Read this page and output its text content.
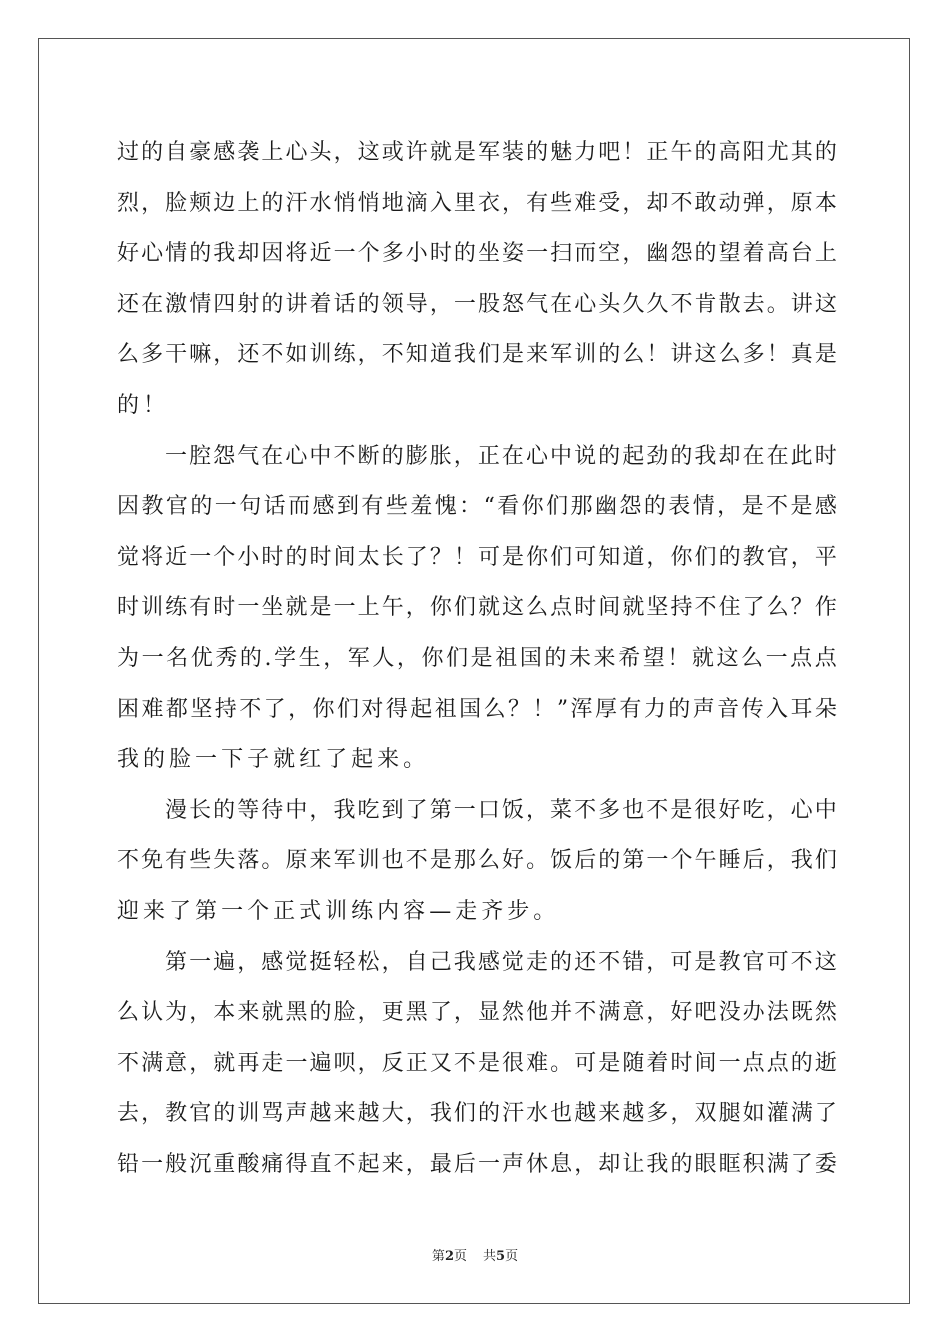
过 的 自 豪 感 袭 上 心 头 ， 这 或 许 就 是 军 装 的 魅 力 吧 ！ 正 午 的 高 阳 尤 其 的
烈 ， 脸 颊 边 上 的 汗 水 悄 悄 地 滴 入 里 衣 ， 有 些 难 受 ， 却 不 敢 动 弹 ， 原 本
好 心 情 的 我 却 因 将 近 一 个 多 小 时 的 坐 姿 一 扫 而 空 ， 幽 怨 的 望 着 高 台 上
还 在 激 情 四 射 的 讲 着 话 的 领 导 ， 一 股 怒 气 在 心 头 久 久 不 肯 散 去 。 讲 这
么 多 干 嘛 ， 还 不 如 训 练 ， 不 知 道 我 们 是 来 军 训 的 么 ！ 讲 这 么 多 ！ 真 是
的 ！
一 腔 怨 气 在 心 中 不 断 的 膨 胀 ， 正 在 心 中 说 的 起 劲 的 我 却 在 在 此 时
因 教 官 的 一 句 话 而 感 到 有 些 羞 愧 ： “ 看 你 们 那 幽 怨 的 表 情 ， 是 不 是 感
觉 将 近 一 个 小 时 的 时 间 太 长 了 ？ ！ 可 是 你 们 可 知 道 ， 你 们 的 教 官 ， 平
时 训 练 有 时 一 坐 就 是 一 上 午 ， 你 们 就 这 么 点 时 间 就 坚 持 不 住 了 么 ？ 作
为 一 名 优 秀 的 . 学 生 ， 军 人 ， 你 们 是 祖 国 的 未 来 希 望 ！ 就 这 么 一 点 点
困 难 都 坚 持 不 了 ， 你 们 对 得 起 祖 国 么 ？ ！ ” 浑 厚 有 力 的 声 音 传 入 耳 朵
我 的 脸 一 下 子 就 红 了 起 来 。
漫 长 的 等 待 中 ， 我 吃 到 了 第 一 口 饭 ， 菜 不 多 也 不 是 很 好 吃 ， 心 中
不 免 有 些 失 落 。 原 来 军 训 也 不 是 那 么 好 。 饭 后 的 第 一 个 午 睡 后 ， 我 们
迎 来 了 第 一 个 正 式 训 练 内 容 — 走 齐 步 。
第 一 遍 ， 感 觉 挺 轻 松 ， 自 己 我 感 觉 走 的 还 不 错 ， 可 是 教 官 可 不 这
么 认 为 ， 本 来 就 黑 的 脸 ， 更 黑 了 ， 显 然 他 并 不 满 意 ， 好 吧 没 办 法 既 然
不 满 意 ， 就 再 走 一 遍 呗 ， 反 正 又 不 是 很 难 。 可 是 随 着 时 间 一 点 点 的 逝
去 ， 教 官 的 训 骂 声 越 来 越 大 ， 我 们 的 汗 水 也 越 来 越 多 ， 双 腿 如 灌 满 了
铅 一 般 沉 重 酸 痛 得 直 不 起 来 ， 最 后 一 声 休 息 ， 却 让 我 的 眼 眶 积 满 了 委
第2页 共5页
